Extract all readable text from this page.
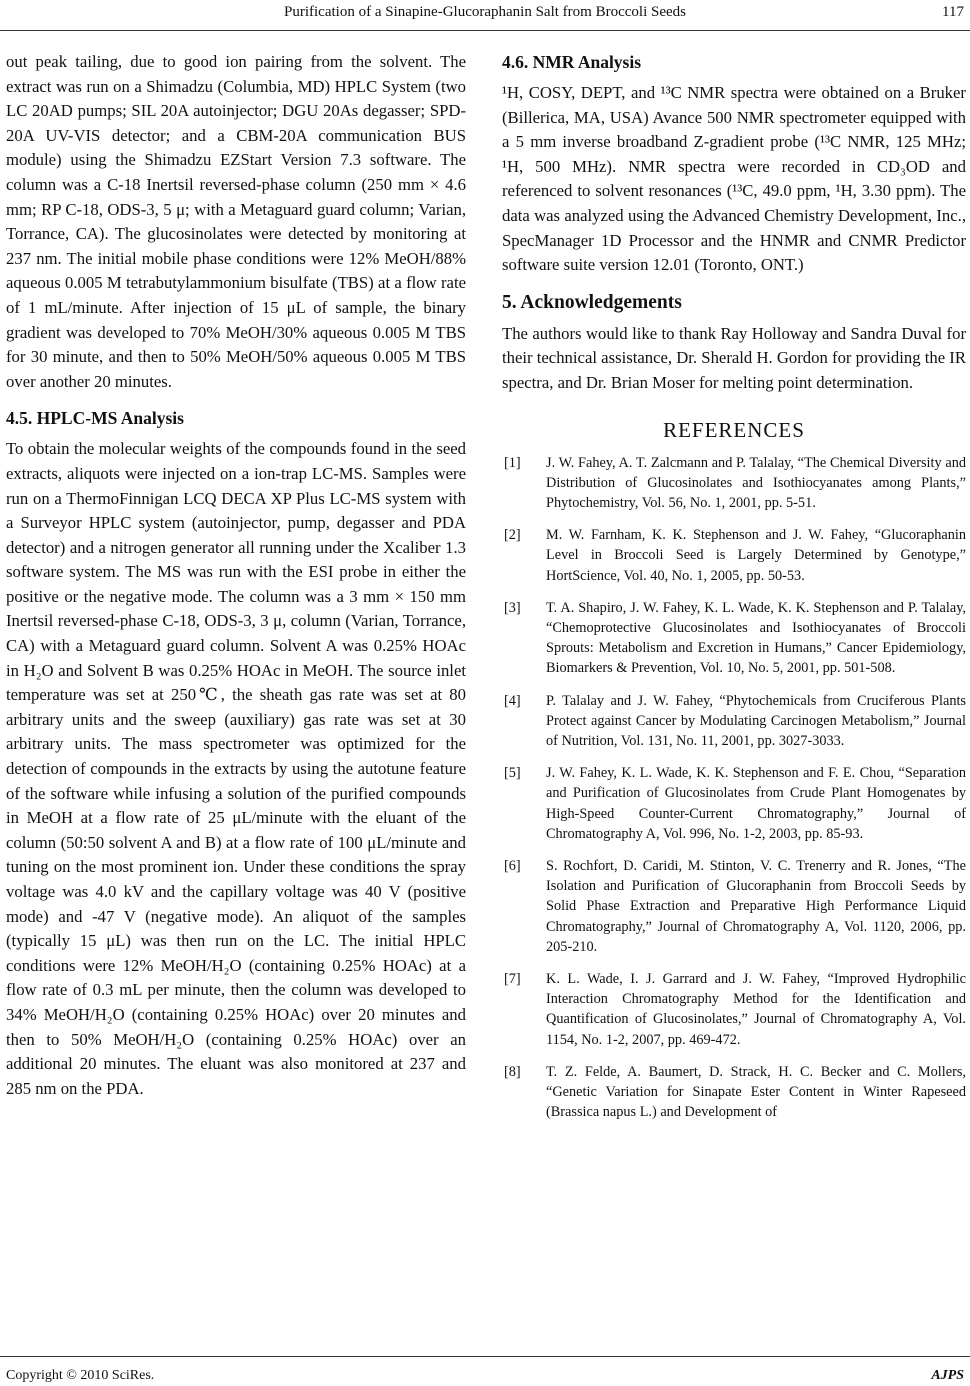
Purification of a Sinapine-Glucoraphanin Salt from Broccoli Seeds	117

out peak tailing, due to good ion pairing from the solvent. The extract was run on a Shimadzu (Columbia, MD) HPLC System (two LC 20AD pumps; SIL 20A autoinjector; DGU 20As degasser; SPD-20A UV-VIS detector; and a CBM-20A communication BUS module) using the Shimadzu EZStart Version 7.3 software. The column was a C-18 Inertsil reversed-phase column (250 mm × 4.6 mm; RP C-18, ODS-3, 5 μ; with a Metaguard guard column; Varian, Torrance, CA). The glucosinolates were detected by monitoring at 237 nm. The initial mobile phase conditions were 12% MeOH/88% aqueous 0.005 M tetrabutylammonium bisulfate (TBS) at a flow rate of 1 mL/minute. After injection of 15 μL of sample, the binary gradient was developed to 70% MeOH/30% aqueous 0.005 M TBS for 30 minute, and then to 50% MeOH/50% aqueous 0.005 M TBS over another 20 minutes.

4.5. HPLC-MS Analysis

To obtain the molecular weights of the compounds found in the seed extracts, aliquots were injected on a ion-trap LC-MS. Samples were run on a ThermoFinnigan LCQ DECA XP Plus LC-MS system with a Surveyor HPLC system (autoinjector, pump, degasser and PDA detector) and a nitrogen generator all running under the Xcaliber 1.3 software system. The MS was run with the ESI probe in either the positive or the negative mode. The column was a 3 mm × 150 mm Inertsil reversed-phase C-18, ODS-3, 3 μ, column (Varian, Torrance, CA) with a Metaguard guard column. Solvent A was 0.25% HOAc in H₂O and Solvent B was 0.25% HOAc in MeOH. The source inlet temperature was set at 250℃, the sheath gas rate was set at 80 arbitrary units and the sweep (auxiliary) gas rate was set at 30 arbitrary units. The mass spectrometer was optimized for the detection of compounds in the extracts by using the autotune feature of the software while infusing a solution of the purified compounds in MeOH at a flow rate of 25 μL/minute with the eluant of the column (50:50 solvent A and B) at a flow rate of 100 μL/minute and tuning on the most prominent ion. Under these conditions the spray voltage was 4.0 kV and the capillary voltage was 40 V (positive mode) and -47 V (negative mode). An aliquot of the samples (typically 15 μL) was then run on the LC. The initial HPLC conditions were 12% MeOH/H₂O (containing 0.25% HOAc) at a flow rate of 0.3 mL per minute, then the column was developed to 34% MeOH/H₂O (containing 0.25% HOAc) over 20 minutes and then to 50% MeOH/H₂O (containing 0.25% HOAc) over an additional 20 minutes. The eluant was also monitored at 237 and 285 nm on the PDA.

4.6. NMR Analysis

¹H, COSY, DEPT, and ¹³C NMR spectra were obtained on a Bruker (Billerica, MA, USA) Avance 500 NMR spectrometer equipped with a 5 mm inverse broadband Z-gradient probe (¹³C NMR, 125 MHz; ¹H, 500 MHz). NMR spectra were recorded in CD₃OD and referenced to solvent resonances (¹³C, 49.0 ppm, ¹H, 3.30 ppm). The data was analyzed using the Advanced Chemistry Development, Inc., SpecManager 1D Processor and the HNMR and CNMR Predictor software suite version 12.01 (Toronto, ONT.)

5. Acknowledgements

The authors would like to thank Ray Holloway and Sandra Duval for their technical assistance, Dr. Sherald H. Gordon for providing the IR spectra, and Dr. Brian Moser for melting point determination.

REFERENCES
[1] J. W. Fahey, A. T. Zalcmann and P. Talalay, “The Chemical Diversity and Distribution of Glucosinolates and Isothiocyanates among Plants,” Phytochemistry, Vol. 56, No. 1, 2001, pp. 5-51.
[2] M. W. Farnham, K. K. Stephenson and J. W. Fahey, “Glucoraphanin Level in Broccoli Seed is Largely Determined by Genotype,” HortScience, Vol. 40, No. 1, 2005, pp. 50-53.
[3] T. A. Shapiro, J. W. Fahey, K. L. Wade, K. K. Stephenson and P. Talalay, “Chemoprotective Glucosinolates and Isothiocyanates of Broccoli Sprouts: Metabolism and Excretion in Humans,” Cancer Epidemiology, Biomarkers & Prevention, Vol. 10, No. 5, 2001, pp. 501-508.
[4] P. Talalay and J. W. Fahey, “Phytochemicals from Cruciferous Plants Protect against Cancer by Modulating Carcinogen Metabolism,” Journal of Nutrition, Vol. 131, No. 11, 2001, pp. 3027-3033.
[5] J. W. Fahey, K. L. Wade, K. K. Stephenson and F. E. Chou, “Separation and Purification of Glucosinolates from Crude Plant Homogenates by High-Speed Counter-Current Chromatography,” Journal of Chromatography A, Vol. 996, No. 1-2, 2003, pp. 85-93.
[6] S. Rochfort, D. Caridi, M. Stinton, V. C. Trenerry and R. Jones, “The Isolation and Purification of Glucoraphanin from Broccoli Seeds by Solid Phase Extraction and Preparative High Performance Liquid Chromatography,” Journal of Chromatography A, Vol. 1120, 2006, pp. 205-210.
[7] K. L. Wade, I. J. Garrard and J. W. Fahey, “Improved Hydrophilic Interaction Chromatography Method for the Identification and Quantification of Glucosinolates,” Journal of Chromatography A, Vol. 1154, No. 1-2, 2007, pp. 469-472.
[8] T. Z. Felde, A. Baumert, D. Strack, H. C. Becker and C. Mollers, “Genetic Variation for Sinapate Ester Content in Winter Rapeseed (Brassica napus L.) and Development of
Copyright © 2010 SciRes.	AJPS
